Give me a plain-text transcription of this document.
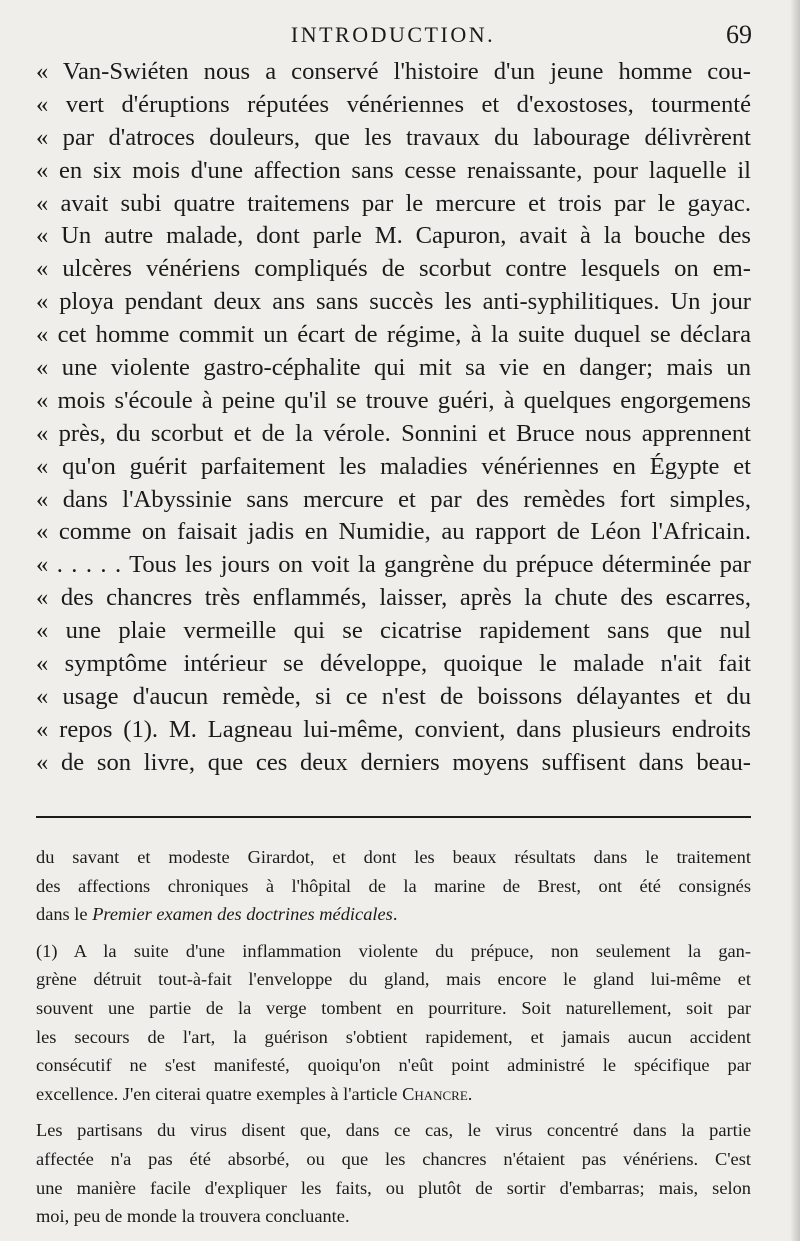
INTRODUCTION.	69
« Van-Swiéten nous a conservé l'histoire d'un jeune homme cou-
« vert d'éruptions réputées vénériennes et d'exostoses, tourmenté
« par d'atroces douleurs, que les travaux du labourage délivrèrent
« en six mois d'une affection sans cesse renaissante, pour laquelle il
« avait subi quatre traitemens par le mercure et trois par le gayac.
« Un autre malade, dont parle M. Capuron, avait à la bouche des
« ulcères vénériens compliqués de scorbut contre lesquels on em-
« ploya pendant deux ans sans succès les anti-syphilitiques. Un jour
« cet homme commit un écart de régime, à la suite duquel se déclara
« une violente gastro-céphalite qui mit sa vie en danger; mais un
« mois s'écoule à peine qu'il se trouve guéri, à quelques engorgemens
« près, du scorbut et de la vérole. Sonnini et Bruce nous apprennent
« qu'on guérit parfaitement les maladies vénériennes en Égypte et
« dans l'Abyssinie sans mercure et par des remèdes fort simples,
« comme on faisait jadis en Numidie, au rapport de Léon l'Africain.
« . . . . . Tous les jours on voit la gangrène du prépuce déterminée par
« des chancres très enflammés, laisser, après la chute des escarres,
« une plaie vermeille qui se cicatrise rapidement sans que nul
« symptôme intérieur se développe, quoique le malade n'ait fait
« usage d'aucun remède, si ce n'est de boissons délayantes et du
« repos (1). M. Lagneau lui-même, convient, dans plusieurs endroits
« de son livre, que ces deux derniers moyens suffisent dans beau-
du savant et modeste Girardot, et dont les beaux résultats dans le traitement
des affections chroniques à l'hôpital de la marine de Brest, ont été consignés
dans le Premier examen des doctrines médicales.
(1) A la suite d'une inflammation violente du prépuce, non seulement la gan-
grène détruit tout-à-fait l'enveloppe du gland, mais encore le gland lui-même et
souvent une partie de la verge tombent en pourriture. Soit naturellement, soit par
les secours de l'art, la guérison s'obtient rapidement, et jamais aucun accident
consécutif ne s'est manifesté, quoiqu'on n'eût point administré le spécifique par
excellence. J'en citerai quatre exemples à l'article Chancre.
Les partisans du virus disent que, dans ce cas, le virus concentré dans la partie
affectée n'a pas été absorbé, ou que les chancres n'étaient pas vénériens. C'est
une manière facile d'expliquer les faits, ou plutôt de sortir d'embarras; mais, selon
moi, peu de monde la trouvera concluante.
